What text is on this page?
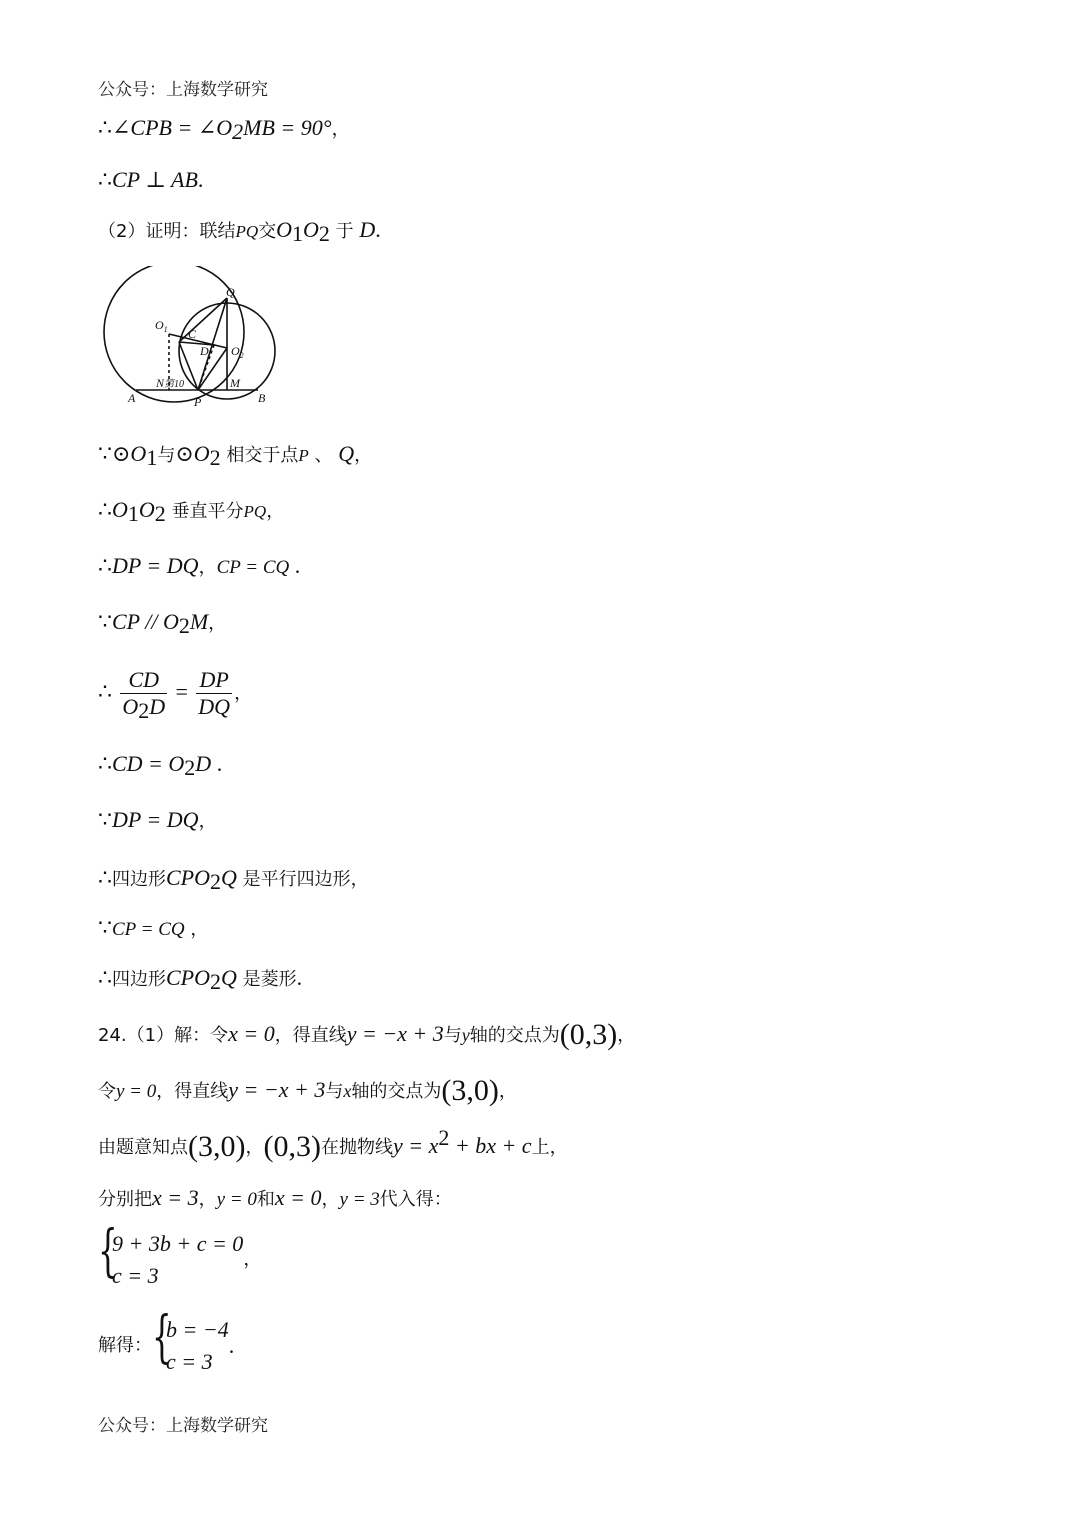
公众号：上海数学研究
∴∠CPB = $\angle O_2MB = 90^\circ$，
∴CP ⊥ AB.
（2）证明：联结PQ交$O_1O_2$ 于 D.
Q
$O_1$ C
D $O_2$
N 第10	M
A	P	B
$\because⊙O_1$与$⊙O_2$ 相交于点P 、 Q，
$\therefore O_1O_2$ 垂直平分PQ，
∴DP = DQ，CP = CQ .
∵CP // $O_2M$，
∴ $\frac{CD}{O_2D} = \frac{DP}{DQ}$ ，
∴CD = $O_2D$ .
∵DP = DQ，
∴四边形$CPO_2Q$ 是平行四边形，
∵CP = CQ ，
∴四边形$CPO_2Q$ 是菱形.
24.（1）解：令x = 0，得直线y = −x + 3与y轴的交点为(0,3)，
令y = 0，得直线y = −x + 3与x轴的交点为(3,0)，
由题意知点(3,0)，(0,3)在抛物线$y = x^2$ + bx + c上，
分别把x = 3，y = 0和x = 0，y = 3代入得：
{
9 + 3b + c = 0
c = 3
，
解得： {
b = −4
c = 3
.
公众号：上海数学研究
